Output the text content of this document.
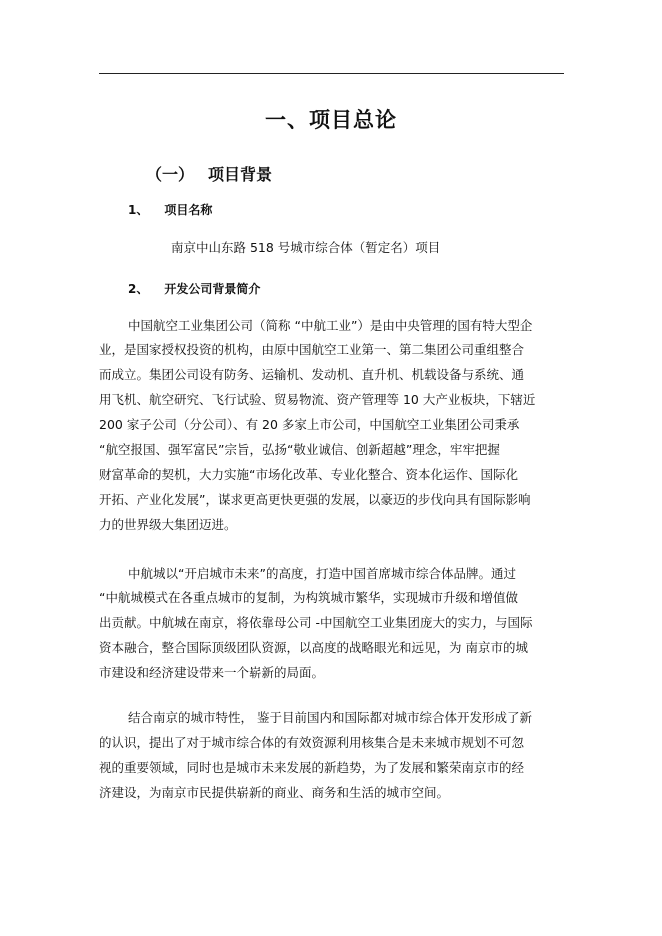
一、项目总论
（一） 项目背景
1、 项目名称
南京中山东路 518 号城市综合体（暂定名）项目
2、 开发公司背景简介
中国航空工业集团公司（简称 “中航工业”）是由中央管理的国有特大型企
业，是国家授权投资的机构，由原中国航空工业第一、第二集团公司重组整合
而成立。集团公司设有防务、运输机、发动机、直升机、机载设备与系统、通
用飞机、航空研究、飞行试验、贸易物流、资产管理等 10 大产业板块，下辖近
200 家子公司（分公司）、有 20 多家上市公司，中国航空工业集团公司秉承
“航空报国、强军富民”宗旨，弘扬“敬业诚信、创新超越”理念，牢牢把握
财富革命的契机，大力实施“市场化改革、专业化整合、资本化运作、国际化
开拓、产业化发展”，谋求更高更快更强的发展，以豪迈的步伐向具有国际影响
力的世界级大集团迈进。
中航城以“开启城市未来”的高度，打造中国首席城市综合体品牌。通过
“中航城模式在各重点城市的复制，为构筑城市繁华，实现城市升级和增值做
出贡献。中航城在南京，将依靠母公司 -中国航空工业集团庞大的实力，与国际
资本融合，整合国际顶级团队资源，以高度的战略眼光和远见，为 南京市的城
市建设和经济建设带来一个崭新的局面。
结合南京的城市特性， 鉴于目前国内和国际都对城市综合体开发形成了新
的认识，提出了对于城市综合体的有效资源利用核集合是未来城市规划不可忽
视的重要领域，同时也是城市未来发展的新趋势，为了发展和繁荣南京市的经
济建设，为南京市民提供崭新的商业、商务和生活的城市空间。
